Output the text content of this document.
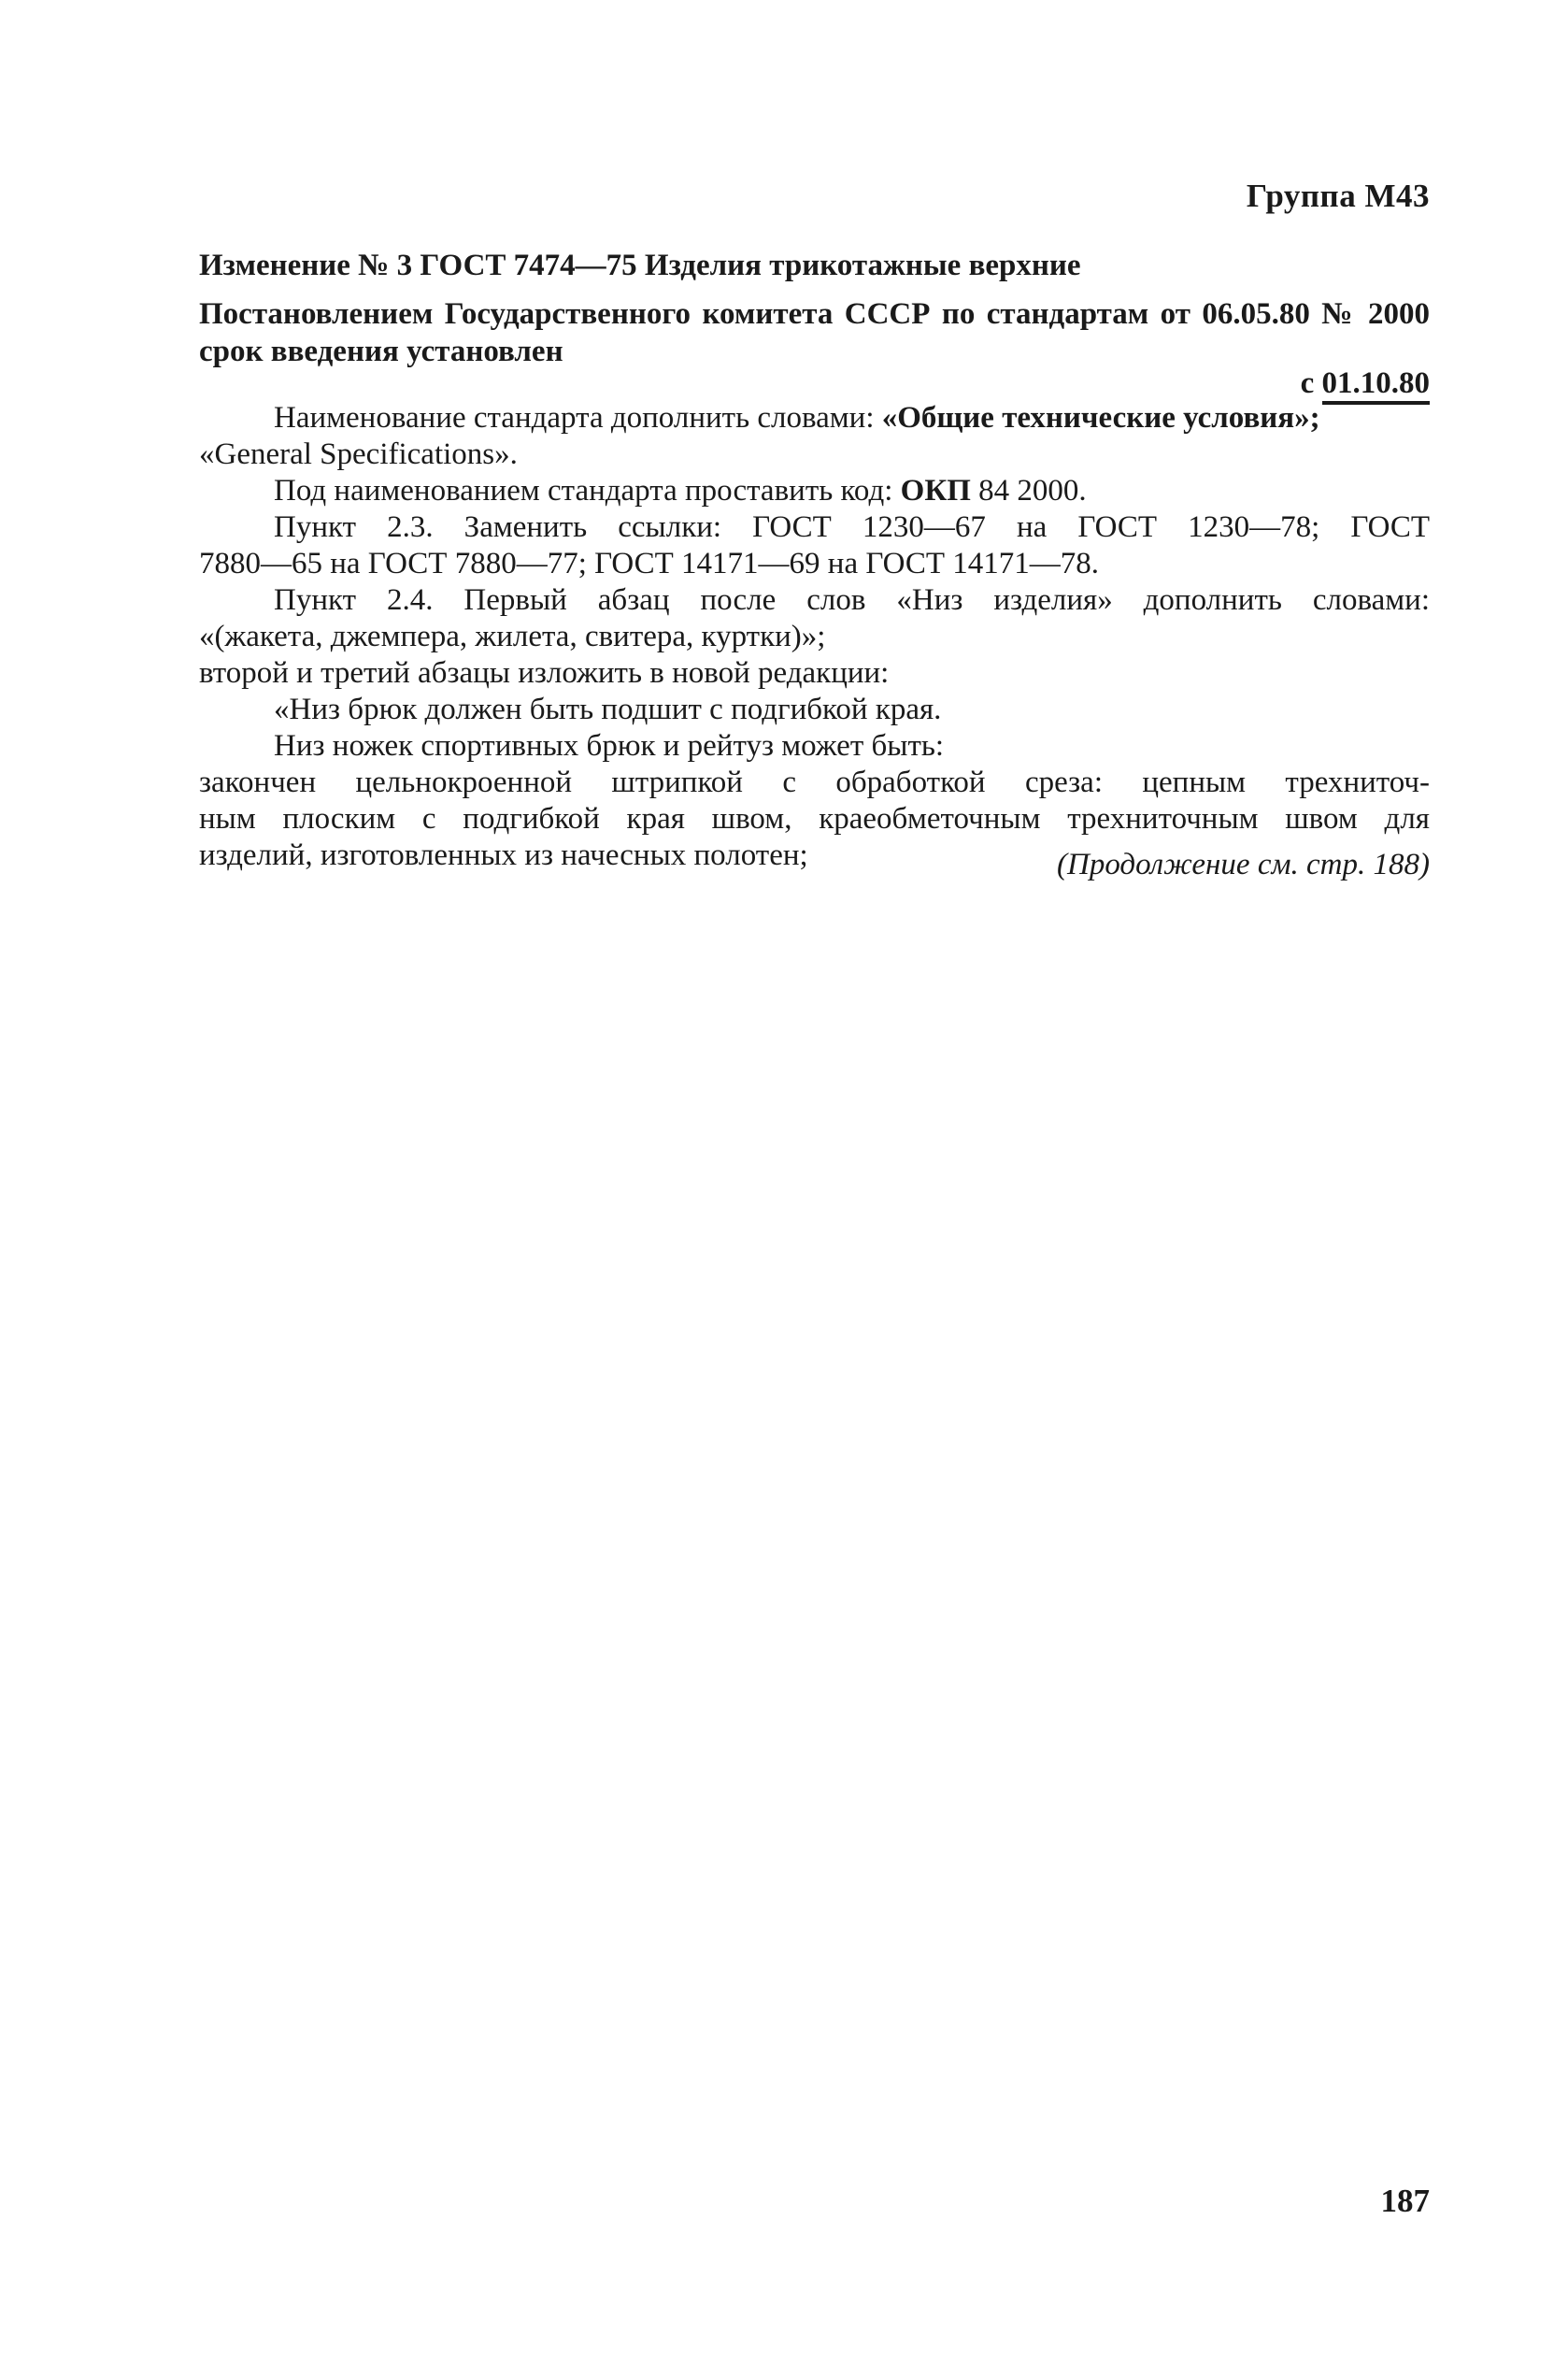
Группа М43
Изменение № 3 ГОСТ 7474—75 Изделия трикотажные верхние
Постановлением Государственного комитета СССР по стандартам от 06.05.80 № 2000 срок введения установлен
с 01.10.80
Наименование стандарта дополнить словами: «Общие технические условия»;
«General Specifications».
Под наименованием стандарта проставить код: ОКП 84 2000.
Пункт 2.3. Заменить ссылки: ГОСТ 1230—67 на ГОСТ 1230—78; ГОСТ
7880—65 на ГОСТ 7880—77; ГОСТ 14171—69 на ГОСТ 14171—78.
Пункт 2.4. Первый абзац после слов «Низ изделия» дополнить словами:
«(жакета, джемпера, жилета, свитера, куртки)»;
второй и третий абзацы изложить в новой редакции:
«Низ брюк должен быть подшит с подгибкой края.
Низ ножек спортивных брюк и рейтуз может быть:
закончен цельнокроенной штрипкой с обработкой среза: цепным трехниточ-
ным плоским с подгибкой края швом, краеобметочным трехниточным швом для
изделий, изготовленных из начесных полотен;	(Продолжение см. стр. 188)
187
